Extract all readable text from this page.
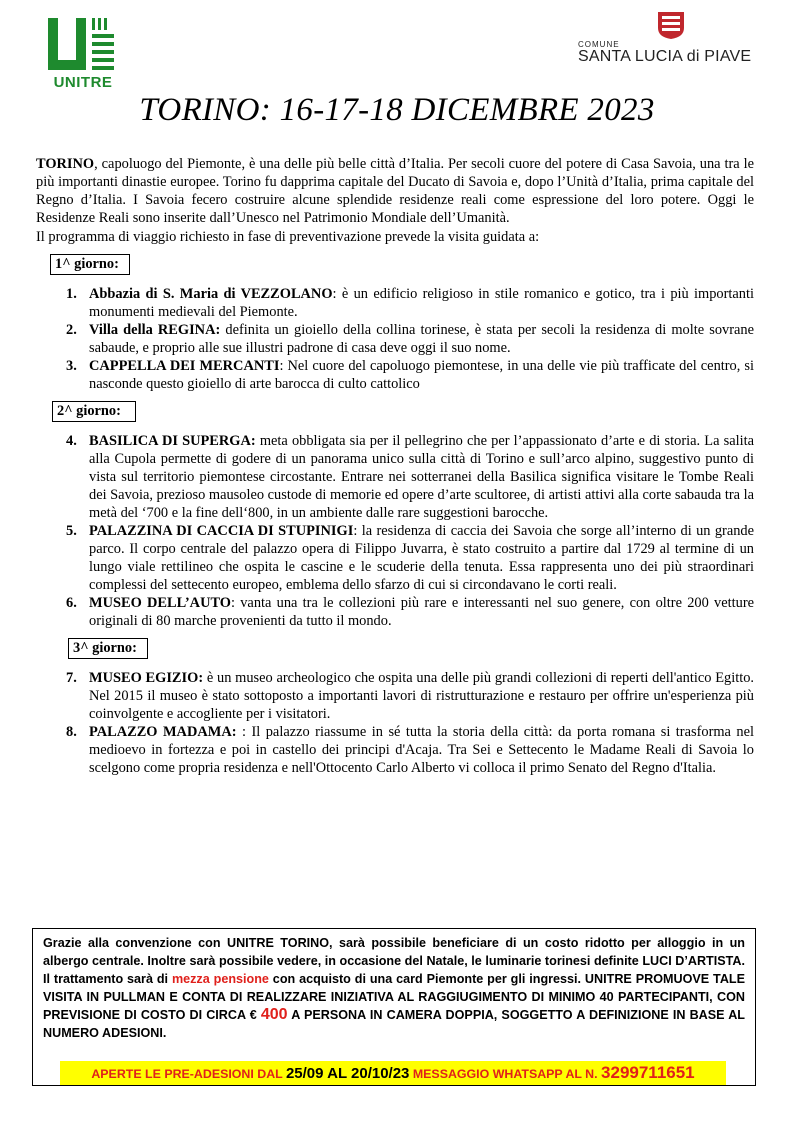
UNITRE
COMUNE
SANTA LUCIA di PIAVE
TORINO: 16-17-18 DICEMBRE 2023

TORINO, capoluogo del Piemonte, è una delle più belle città d’Italia. Per secoli cuore del potere di Casa Savoia, una tra le più importanti dinastie europee. Torino fu dapprima capitale del Ducato di Savoia e, dopo l’Unità d’Italia, prima capitale del Regno d’Italia. I Savoia fecero costruire alcune splendide residenze reali come espressione del loro potere. Oggi le Residenze Reali sono inserite dall’Unesco nel Patrimonio Mondiale dell’Umanità.

Il programma di viaggio richiesto in fase di preventivazione prevede la visita guidata a:

1^ giorno:
1. Abbazia di S. Maria di VEZZOLANO: è un edificio religioso in stile romanico e gotico, tra i più importanti monumenti medievali del Piemonte.
2. Villa della REGINA: definita un gioiello della collina torinese, è stata per secoli la residenza di molte sovrane sabaude, e proprio alle sue illustri padrone di casa deve oggi il suo nome.
3. CAPPELLA DEI MERCANTI: Nel cuore del capoluogo piemontese, in una delle vie più trafficate del centro, si nasconde questo gioiello di arte barocca di culto cattolico
2^ giorno:
4. BASILICA DI SUPERGA: meta obbligata sia per il pellegrino che per l’appassionato d’arte e di storia. La salita alla Cupola permette di godere di un panorama unico sulla città di Torino e sull’arco alpino, suggestivo punto di vista sul territorio piemontese circostante. Entrare nei sotterranei della Basilica significa visitare le Tombe Reali dei Savoia, prezioso mausoleo custode di memorie ed opere d’arte scultoree, di artisti attivi alla corte sabauda tra la metà del ‘700 e la fine dell‘800, in un ambiente dalle rare suggestioni barocche.
5. PALAZZINA DI CACCIA DI STUPINIGI: la residenza di caccia dei Savoia che sorge all’interno di un grande parco. Il corpo centrale del palazzo opera di Filippo Juvarra, è stato costruito a partire dal 1729 al termine di un lungo viale rettilineo che ospita le cascine e le scuderie della tenuta. Essa rappresenta uno dei più straordinari complessi del settecento europeo, emblema dello sfarzo di cui si circondavano le corti reali.
6. MUSEO DELL’AUTO: vanta una tra le collezioni più rare e interessanti nel suo genere, con oltre 200 vetture originali di 80 marche provenienti da tutto il mondo.
3^ giorno:
7. MUSEO EGIZIO: è un museo archeologico che ospita una delle più grandi collezioni di reperti dell'antico Egitto. Nel 2015 il museo è stato sottoposto a importanti lavori di ristrutturazione e restauro per offrire un'esperienza più coinvolgente e accogliente per i visitatori.
8. PALAZZO MADAMA: : Il palazzo riassume in sé tutta la storia della città: da porta romana si trasforma nel medioevo in fortezza e poi in castello dei principi d'Acaja. Tra Sei e Settecento le Madame Reali di Savoia lo scelgono come propria residenza e nell'Ottocento Carlo Alberto vi colloca il primo Senato del Regno d'Italia.

Grazie alla convenzione con UNITRE TORINO, sarà possibile beneficiare di un costo ridotto per alloggio in un albergo centrale. Inoltre sarà possibile vedere, in occasione del Natale, le luminarie torinesi definite LUCI D’ARTISTA. Il trattamento sarà di mezza pensione con acquisto di una card Piemonte per gli ingressi. UNITRE PROMUOVE TALE VISITA IN PULLMAN E CONTA DI REALIZZARE INIZIATIVA AL RAGGIUGIMENTO DI MINIMO 40 PARTECIPANTI, CON PREVISIONE DI COSTO DI CIRCA € 400 A PERSONA IN CAMERA DOPPIA, SOGGETTO A DEFINIZIONE IN BASE AL NUMERO ADESIONI.

APERTE LE PRE-ADESIONI DAL 25/09 AL 20/10/23 MESSAGGIO WHATSAPP AL N. 3299711651
